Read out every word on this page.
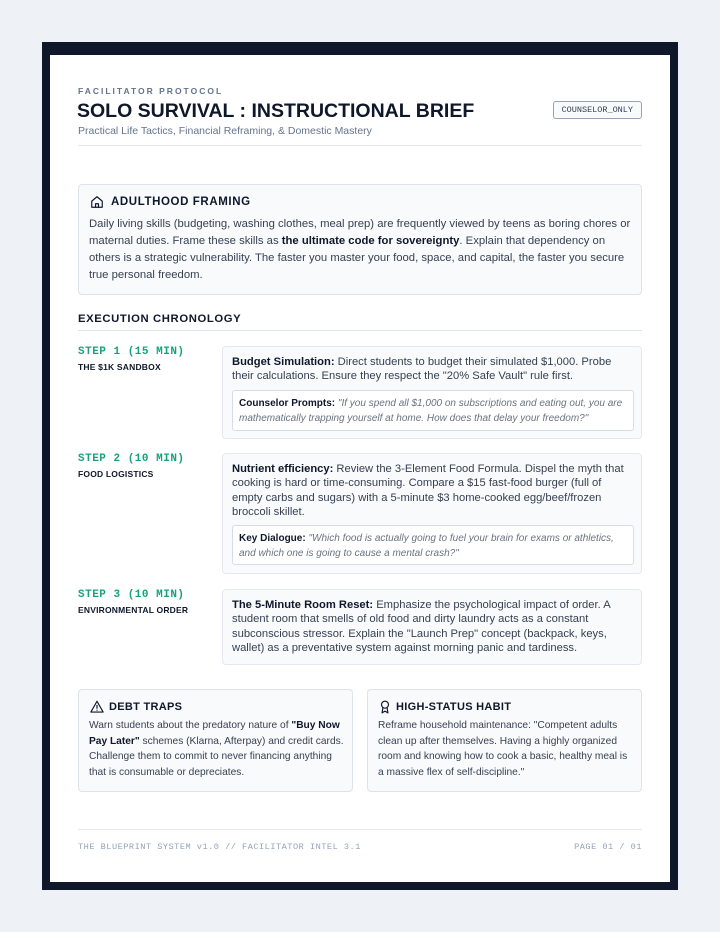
FACILITATOR PROTOCOL
SOLO SURVIVAL : INSTRUCTIONAL BRIEF
Practical Life Tactics, Financial Reframing, & Domestic Mastery
COUNSELOR_ONLY
ADULTHOOD FRAMING
Daily living skills (budgeting, washing clothes, meal prep) are frequently viewed by teens as boring chores or maternal duties. Frame these skills as the ultimate code for sovereignty. Explain that dependency on others is a strategic vulnerability. The faster you master your food, space, and capital, the faster you secure true personal freedom.
EXECUTION CHRONOLOGY
STEP 1 (15 MIN)
THE $1K SANDBOX	Budget Simulation: Direct students to budget their simulated $1,000. Probe their calculations. Ensure they respect the "20% Safe Vault" rule first.
Counselor Prompts: "If you spend all $1,000 on subscriptions and eating out, you are mathematically trapping yourself at home. How does that delay your freedom?"
STEP 2 (10 MIN)
FOOD LOGISTICS	Nutrient efficiency: Review the 3-Element Food Formula. Dispel the myth that cooking is hard or time-consuming. Compare a $15 fast-food burger (full of empty carbs and sugars) with a 5-minute $3 home-cooked egg/beef/frozen broccoli skillet.
Key Dialogue: "Which food is actually going to fuel your brain for exams or athletics, and which one is going to cause a mental crash?"
STEP 3 (10 MIN)
ENVIRONMENTAL ORDER	The 5-Minute Room Reset: Emphasize the psychological impact of order. A student room that smells of old food and dirty laundry acts as a constant subconscious stressor. Explain the "Launch Prep" concept (backpack, keys, wallet) as a preventative system against morning panic and tardiness.
DEBT TRAPS
Warn students about the predatory nature of "Buy Now Pay Later" schemes (Klarna, Afterpay) and credit cards. Challenge them to commit to never financing anything that is consumable or depreciates.
HIGH-STATUS HABIT
Reframe household maintenance: "Competent adults clean up after themselves. Having a highly organized room and knowing how to cook a basic, healthy meal is a massive flex of self-discipline."
THE BLUEPRINT SYSTEM v1.0 // FACILITATOR INTEL 3.1	PAGE 01 / 01
